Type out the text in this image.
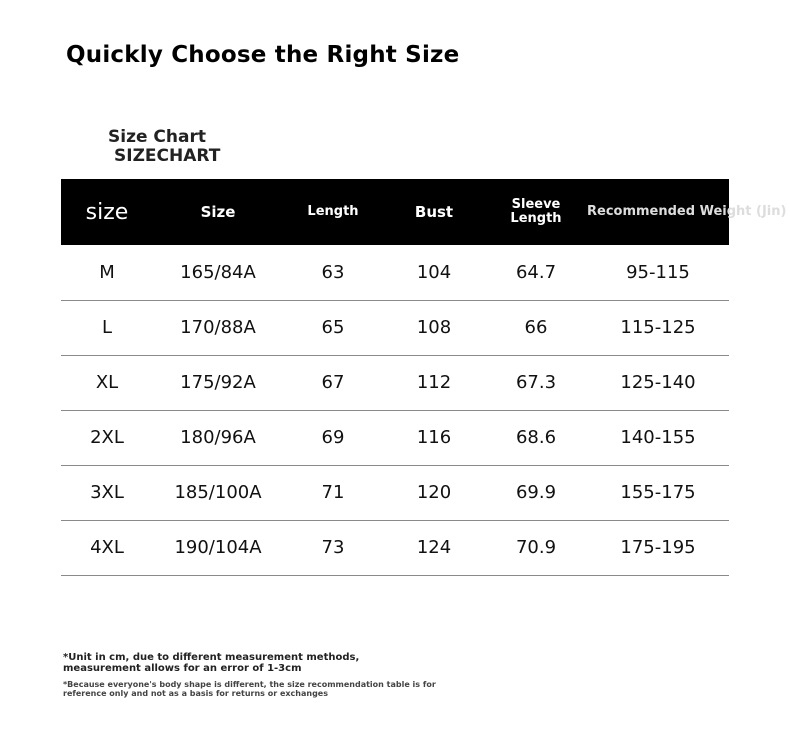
Quickly Choose the Right Size
Size Chart
SIZECHART
size	Size	Length	Bust	Sleeve Length	Recommended Weight (Jin)
M	165/84A	63	104	64.7	95-115
L	170/88A	65	108	66	115-125
XL	175/92A	67	112	67.3	125-140
2XL	180/96A	69	116	68.6	140-155
3XL	185/100A	71	120	69.9	155-175
4XL	190/104A	73	124	70.9	175-195
*Unit in cm, due to different measurement methods, measurement allows for an error of 1-3cm
*Because everyone's body shape is different, the size recommendation table is for reference only and not as a basis for returns or exchanges
